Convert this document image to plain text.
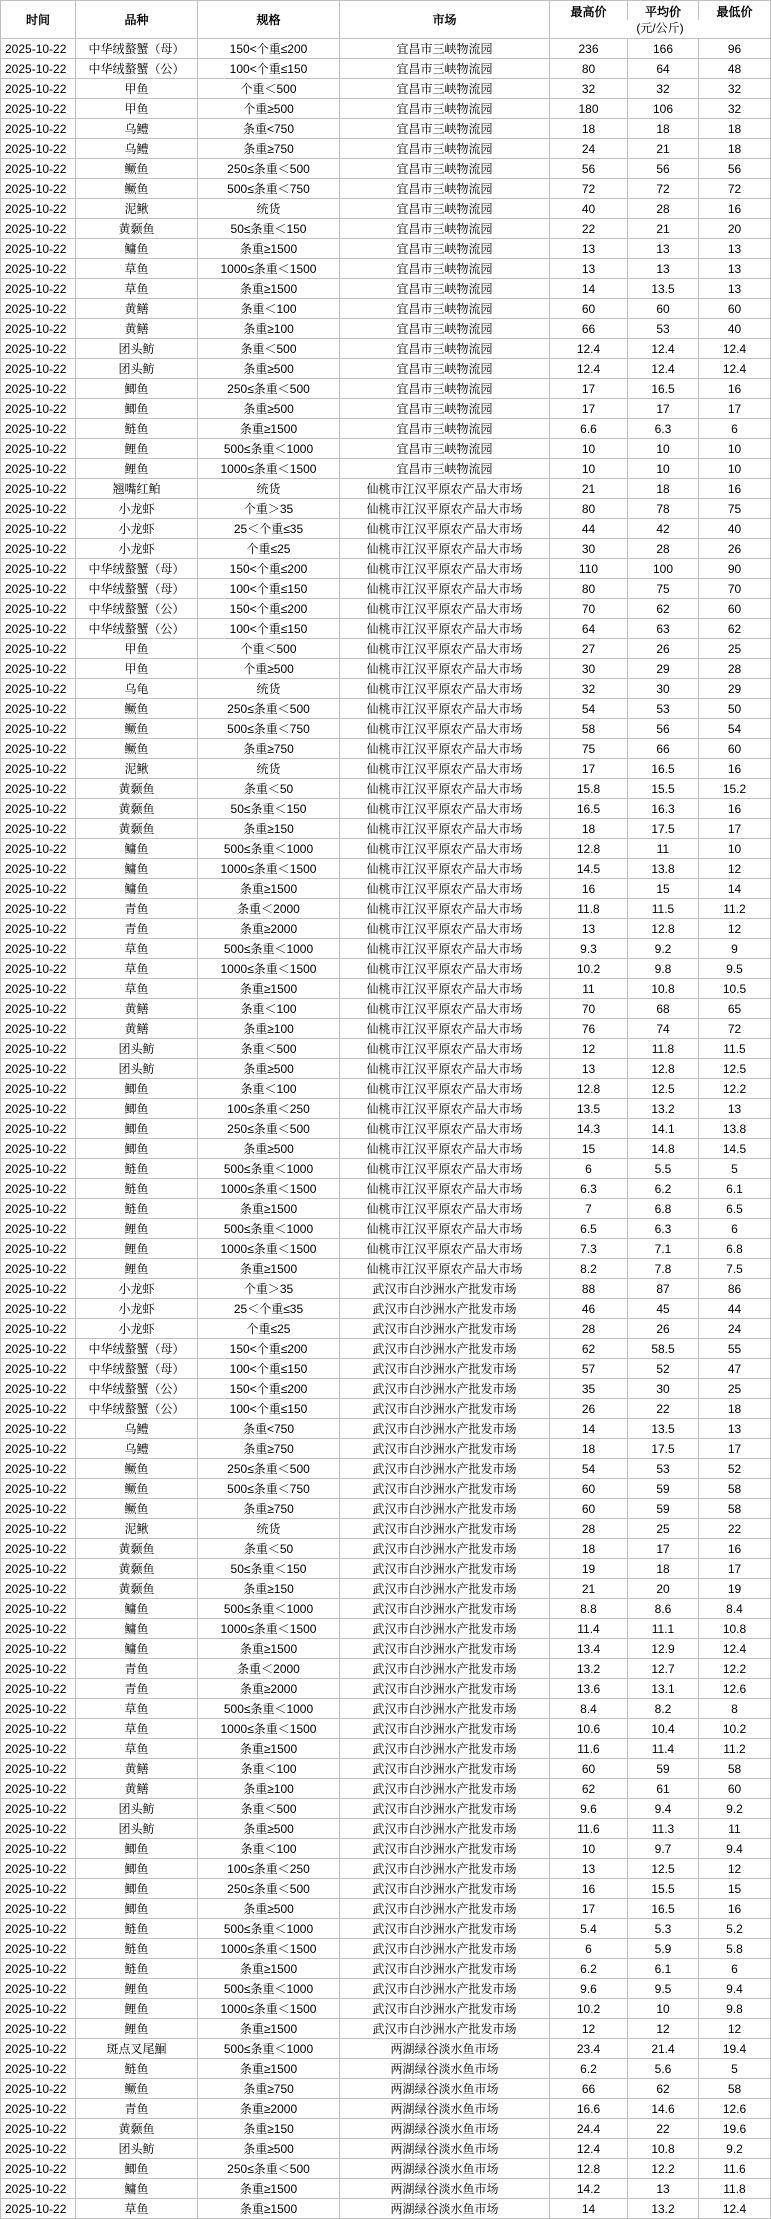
时间	品种	规格	市场
最高价	平均价	最低价
(元/公斤)
2025-10-22	中华绒螯蟹（母）	150<个重≤200	宜昌市三峡物流园	236	166	96
2025-10-22	中华绒螯蟹（公）	100<个重≤150	宜昌市三峡物流园	80	64	48
2025-10-22	甲鱼	个重＜500	宜昌市三峡物流园	32	32	32
2025-10-22	甲鱼	个重≥500	宜昌市三峡物流园	180	106	32
2025-10-22	乌鳢	条重<750	宜昌市三峡物流园	18	18	18
2025-10-22	乌鳢	条重≥750	宜昌市三峡物流园	24	21	18
2025-10-22	鳜鱼	250≤条重＜500	宜昌市三峡物流园	56	56	56
2025-10-22	鳜鱼	500≤条重＜750	宜昌市三峡物流园	72	72	72
2025-10-22	泥鳅	统货	宜昌市三峡物流园	40	28	16
2025-10-22	黄颡鱼	50≤条重＜150	宜昌市三峡物流园	22	21	20
2025-10-22	鳙鱼	条重≥1500	宜昌市三峡物流园	13	13	13
2025-10-22	草鱼	1000≤条重＜1500	宜昌市三峡物流园	13	13	13
2025-10-22	草鱼	条重≥1500	宜昌市三峡物流园	14	13.5	13
2025-10-22	黄鳝	条重＜100	宜昌市三峡物流园	60	60	60
2025-10-22	黄鳝	条重≥100	宜昌市三峡物流园	66	53	40
2025-10-22	团头鲂	条重＜500	宜昌市三峡物流园	12.4	12.4	12.4
2025-10-22	团头鲂	条重≥500	宜昌市三峡物流园	12.4	12.4	12.4
2025-10-22	鲫鱼	250≤条重＜500	宜昌市三峡物流园	17	16.5	16
2025-10-22	鲫鱼	条重≥500	宜昌市三峡物流园	17	17	17
2025-10-22	鲢鱼	条重≥1500	宜昌市三峡物流园	6.6	6.3	6
2025-10-22	鲤鱼	500≤条重＜1000	宜昌市三峡物流园	10	10	10
2025-10-22	鲤鱼	1000≤条重＜1500	宜昌市三峡物流园	10	10	10
2025-10-22	翘嘴红鲌	统货	仙桃市江汉平原农产品大市场	21	18	16
2025-10-22	小龙虾	个重＞35	仙桃市江汉平原农产品大市场	80	78	75
2025-10-22	小龙虾	25＜个重≤35	仙桃市江汉平原农产品大市场	44	42	40
2025-10-22	小龙虾	个重≤25	仙桃市江汉平原农产品大市场	30	28	26
2025-10-22	中华绒螯蟹（母）	150<个重≤200	仙桃市江汉平原农产品大市场	110	100	90
2025-10-22	中华绒螯蟹（母）	100<个重≤150	仙桃市江汉平原农产品大市场	80	75	70
2025-10-22	中华绒螯蟹（公）	150<个重≤200	仙桃市江汉平原农产品大市场	70	62	60
2025-10-22	中华绒螯蟹（公）	100<个重≤150	仙桃市江汉平原农产品大市场	64	63	62
2025-10-22	甲鱼	个重＜500	仙桃市江汉平原农产品大市场	27	26	25
2025-10-22	甲鱼	个重≥500	仙桃市江汉平原农产品大市场	30	29	28
2025-10-22	乌龟	统货	仙桃市江汉平原农产品大市场	32	30	29
2025-10-22	鳜鱼	250≤条重＜500	仙桃市江汉平原农产品大市场	54	53	50
2025-10-22	鳜鱼	500≤条重＜750	仙桃市江汉平原农产品大市场	58	56	54
2025-10-22	鳜鱼	条重≥750	仙桃市江汉平原农产品大市场	75	66	60
2025-10-22	泥鳅	统货	仙桃市江汉平原农产品大市场	17	16.5	16
2025-10-22	黄颡鱼	条重＜50	仙桃市江汉平原农产品大市场	15.8	15.5	15.2
2025-10-22	黄颡鱼	50≤条重＜150	仙桃市江汉平原农产品大市场	16.5	16.3	16
2025-10-22	黄颡鱼	条重≥150	仙桃市江汉平原农产品大市场	18	17.5	17
2025-10-22	鳙鱼	500≤条重＜1000	仙桃市江汉平原农产品大市场	12.8	11	10
2025-10-22	鳙鱼	1000≤条重＜1500	仙桃市江汉平原农产品大市场	14.5	13.8	12
2025-10-22	鳙鱼	条重≥1500	仙桃市江汉平原农产品大市场	16	15	14
2025-10-22	青鱼	条重＜2000	仙桃市江汉平原农产品大市场	11.8	11.5	11.2
2025-10-22	青鱼	条重≥2000	仙桃市江汉平原农产品大市场	13	12.8	12
2025-10-22	草鱼	500≤条重＜1000	仙桃市江汉平原农产品大市场	9.3	9.2	9
2025-10-22	草鱼	1000≤条重＜1500	仙桃市江汉平原农产品大市场	10.2	9.8	9.5
2025-10-22	草鱼	条重≥1500	仙桃市江汉平原农产品大市场	11	10.8	10.5
2025-10-22	黄鳝	条重＜100	仙桃市江汉平原农产品大市场	70	68	65
2025-10-22	黄鳝	条重≥100	仙桃市江汉平原农产品大市场	76	74	72
2025-10-22	团头鲂	条重＜500	仙桃市江汉平原农产品大市场	12	11.8	11.5
2025-10-22	团头鲂	条重≥500	仙桃市江汉平原农产品大市场	13	12.8	12.5
2025-10-22	鲫鱼	条重＜100	仙桃市江汉平原农产品大市场	12.8	12.5	12.2
2025-10-22	鲫鱼	100≤条重＜250	仙桃市江汉平原农产品大市场	13.5	13.2	13
2025-10-22	鲫鱼	250≤条重＜500	仙桃市江汉平原农产品大市场	14.3	14.1	13.8
2025-10-22	鲫鱼	条重≥500	仙桃市江汉平原农产品大市场	15	14.8	14.5
2025-10-22	鲢鱼	500≤条重＜1000	仙桃市江汉平原农产品大市场	6	5.5	5
2025-10-22	鲢鱼	1000≤条重＜1500	仙桃市江汉平原农产品大市场	6.3	6.2	6.1
2025-10-22	鲢鱼	条重≥1500	仙桃市江汉平原农产品大市场	7	6.8	6.5
2025-10-22	鲤鱼	500≤条重＜1000	仙桃市江汉平原农产品大市场	6.5	6.3	6
2025-10-22	鲤鱼	1000≤条重＜1500	仙桃市江汉平原农产品大市场	7.3	7.1	6.8
2025-10-22	鲤鱼	条重≥1500	仙桃市江汉平原农产品大市场	8.2	7.8	7.5
2025-10-22	小龙虾	个重＞35	武汉市白沙洲水产批发市场	88	87	86
2025-10-22	小龙虾	25＜个重≤35	武汉市白沙洲水产批发市场	46	45	44
2025-10-22	小龙虾	个重≤25	武汉市白沙洲水产批发市场	28	26	24
2025-10-22	中华绒螯蟹（母）	150<个重≤200	武汉市白沙洲水产批发市场	62	58.5	55
2025-10-22	中华绒螯蟹（母）	100<个重≤150	武汉市白沙洲水产批发市场	57	52	47
2025-10-22	中华绒螯蟹（公）	150<个重≤200	武汉市白沙洲水产批发市场	35	30	25
2025-10-22	中华绒螯蟹（公）	100<个重≤150	武汉市白沙洲水产批发市场	26	22	18
2025-10-22	乌鳢	条重<750	武汉市白沙洲水产批发市场	14	13.5	13
2025-10-22	乌鳢	条重≥750	武汉市白沙洲水产批发市场	18	17.5	17
2025-10-22	鳜鱼	250≤条重＜500	武汉市白沙洲水产批发市场	54	53	52
2025-10-22	鳜鱼	500≤条重＜750	武汉市白沙洲水产批发市场	60	59	58
2025-10-22	鳜鱼	条重≥750	武汉市白沙洲水产批发市场	60	59	58
2025-10-22	泥鳅	统货	武汉市白沙洲水产批发市场	28	25	22
2025-10-22	黄颡鱼	条重＜50	武汉市白沙洲水产批发市场	18	17	16
2025-10-22	黄颡鱼	50≤条重＜150	武汉市白沙洲水产批发市场	19	18	17
2025-10-22	黄颡鱼	条重≥150	武汉市白沙洲水产批发市场	21	20	19
2025-10-22	鳙鱼	500≤条重＜1000	武汉市白沙洲水产批发市场	8.8	8.6	8.4
2025-10-22	鳙鱼	1000≤条重＜1500	武汉市白沙洲水产批发市场	11.4	11.1	10.8
2025-10-22	鳙鱼	条重≥1500	武汉市白沙洲水产批发市场	13.4	12.9	12.4
2025-10-22	青鱼	条重＜2000	武汉市白沙洲水产批发市场	13.2	12.7	12.2
2025-10-22	青鱼	条重≥2000	武汉市白沙洲水产批发市场	13.6	13.1	12.6
2025-10-22	草鱼	500≤条重＜1000	武汉市白沙洲水产批发市场	8.4	8.2	8
2025-10-22	草鱼	1000≤条重＜1500	武汉市白沙洲水产批发市场	10.6	10.4	10.2
2025-10-22	草鱼	条重≥1500	武汉市白沙洲水产批发市场	11.6	11.4	11.2
2025-10-22	黄鳝	条重＜100	武汉市白沙洲水产批发市场	60	59	58
2025-10-22	黄鳝	条重≥100	武汉市白沙洲水产批发市场	62	61	60
2025-10-22	团头鲂	条重＜500	武汉市白沙洲水产批发市场	9.6	9.4	9.2
2025-10-22	团头鲂	条重≥500	武汉市白沙洲水产批发市场	11.6	11.3	11
2025-10-22	鲫鱼	条重＜100	武汉市白沙洲水产批发市场	10	9.7	9.4
2025-10-22	鲫鱼	100≤条重＜250	武汉市白沙洲水产批发市场	13	12.5	12
2025-10-22	鲫鱼	250≤条重＜500	武汉市白沙洲水产批发市场	16	15.5	15
2025-10-22	鲫鱼	条重≥500	武汉市白沙洲水产批发市场	17	16.5	16
2025-10-22	鲢鱼	500≤条重＜1000	武汉市白沙洲水产批发市场	5.4	5.3	5.2
2025-10-22	鲢鱼	1000≤条重＜1500	武汉市白沙洲水产批发市场	6	5.9	5.8
2025-10-22	鲢鱼	条重≥1500	武汉市白沙洲水产批发市场	6.2	6.1	6
2025-10-22	鲤鱼	500≤条重＜1000	武汉市白沙洲水产批发市场	9.6	9.5	9.4
2025-10-22	鲤鱼	1000≤条重＜1500	武汉市白沙洲水产批发市场	10.2	10	9.8
2025-10-22	鲤鱼	条重≥1500	武汉市白沙洲水产批发市场	12	12	12
2025-10-22	斑点叉尾鮰	500≤条重＜1000	两湖绿谷淡水鱼市场	23.4	21.4	19.4
2025-10-22	鲢鱼	条重≥1500	两湖绿谷淡水鱼市场	6.2	5.6	5
2025-10-22	鳜鱼	条重≥750	两湖绿谷淡水鱼市场	66	62	58
2025-10-22	青鱼	条重≥2000	两湖绿谷淡水鱼市场	16.6	14.6	12.6
2025-10-22	黄颡鱼	条重≥150	两湖绿谷淡水鱼市场	24.4	22	19.6
2025-10-22	团头鲂	条重≥500	两湖绿谷淡水鱼市场	12.4	10.8	9.2
2025-10-22	鲫鱼	250≤条重＜500	两湖绿谷淡水鱼市场	12.8	12.2	11.6
2025-10-22	鳙鱼	条重≥1500	两湖绿谷淡水鱼市场	14.2	13	11.8
2025-10-22	草鱼	条重≥1500	两湖绿谷淡水鱼市场	14	13.2	12.4
